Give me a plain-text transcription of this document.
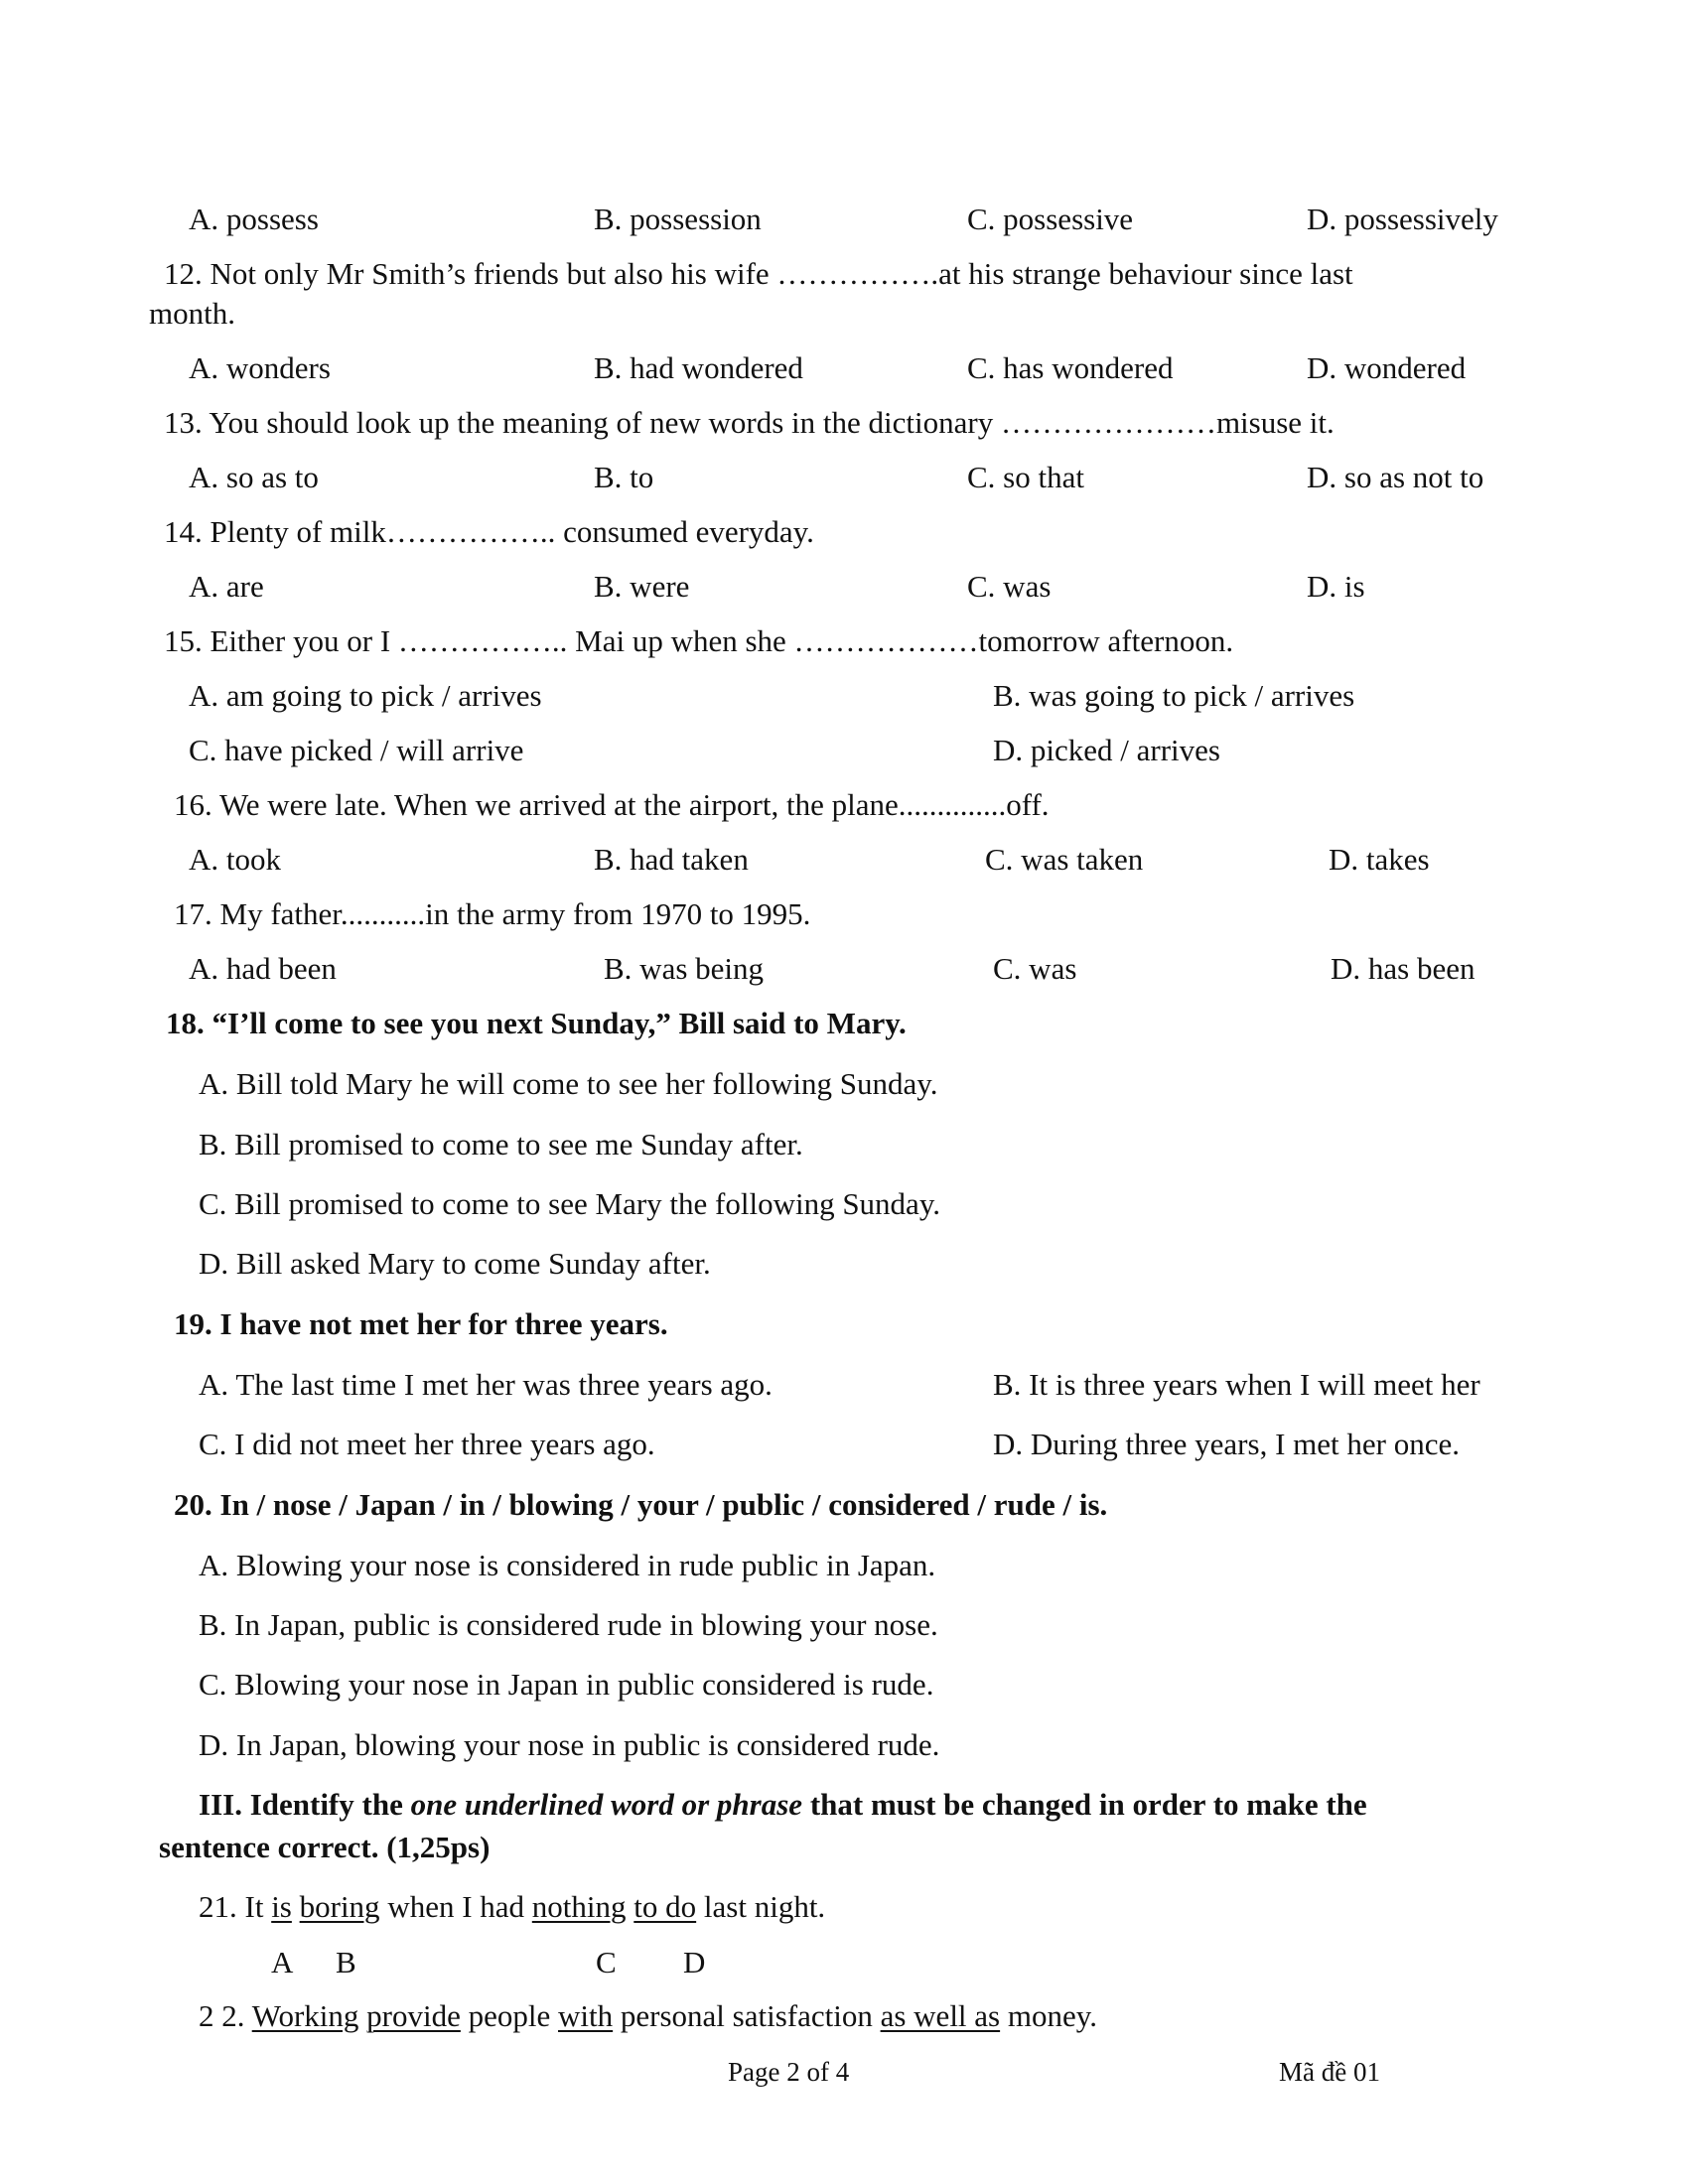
A. possess	B. possession	C. possessive	D. possessively
12. Not only Mr Smith’s friends but also his wife …………….at his strange behaviour since last
month.
A. wonders	B. had wondered	C. has wondered	D. wondered
13. You should look up the meaning of new words in the dictionary …………………misuse it.
A. so as to	B. to	C. so that	D. so as not to
14. Plenty of milk…………….. consumed everyday.
A. are	B. were	C. was	D. is
15. Either you or I …………….. Mai up when she ………………tomorrow afternoon.
A. am going to pick / arrives	B. was going to pick / arrives
C. have picked / will arrive	D. picked / arrives
16. We were late. When we arrived at the airport, the plane..............off.
A. took	B. had taken	C. was taken	D. takes
17. My father...........in the army from 1970 to 1995.
A. had been	B. was being	C. was	D. has been
18. “I’ll come to see you next Sunday,” Bill said to Mary.
A. Bill told Mary he will come to see her following Sunday.
B. Bill promised to come to see me Sunday after.
C. Bill promised to come to see Mary the following Sunday.
D. Bill asked Mary to come Sunday after.
19. I have not met her for three years.
A. The last time I met her was three years ago.	B. It is three years when I will meet her
C. I did not meet her three years ago.	D. During three years, I met her once.
20. In / nose / Japan / in / blowing / your / public / considered / rude / is.
A. Blowing your nose is considered in rude public in Japan.
B. In Japan, public is considered rude in blowing your nose.
C. Blowing your nose in Japan in public considered is rude.
D. In Japan, blowing your nose in public is considered rude.
III. Identify the one underlined word or phrase that must be changed in order to make the
sentence correct. (1,25ps)
21. It is boring when I had nothing to do last night.
A B	C D
2 2. Working provide people with personal satisfaction as well as money.
Page 2 of 4	Mã đề 01
